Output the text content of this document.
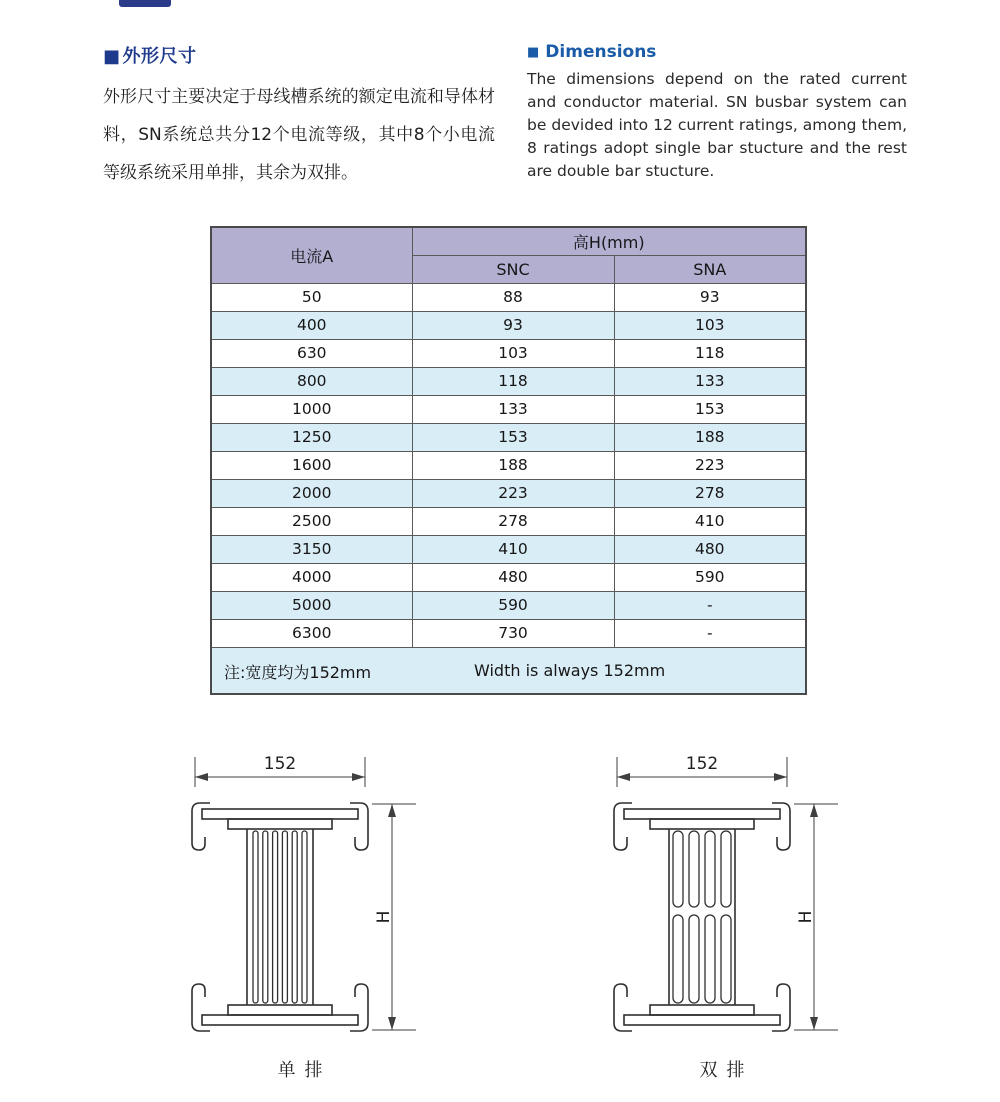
■ 外形尺寸
外形尺寸主要决定于母线槽系统的额定电流和导体材料，SN系统总共分12个电流等级，其中8个小电流等级系统采用单排，其余为双排。
■ Dimensions
The dimensions depend on the rated current and conductor material. SN busbar system can be devided into 12 current ratings, among them, 8 ratings adopt single bar stucture and the rest are double bar stucture.
电流A	高H(mm)	
	SNC	SNA
50	88	93
400	93	103
630	103	118
800	118	133
1000	133	153
1250	153	188
1600	188	223
2000	223	278
2500	278	410
3150	410	480
4000	480	590
5000	590	-
6300	730	-

注:宽度均为152mm Width is always 152mm		
152
H
单排
152
H
双排
